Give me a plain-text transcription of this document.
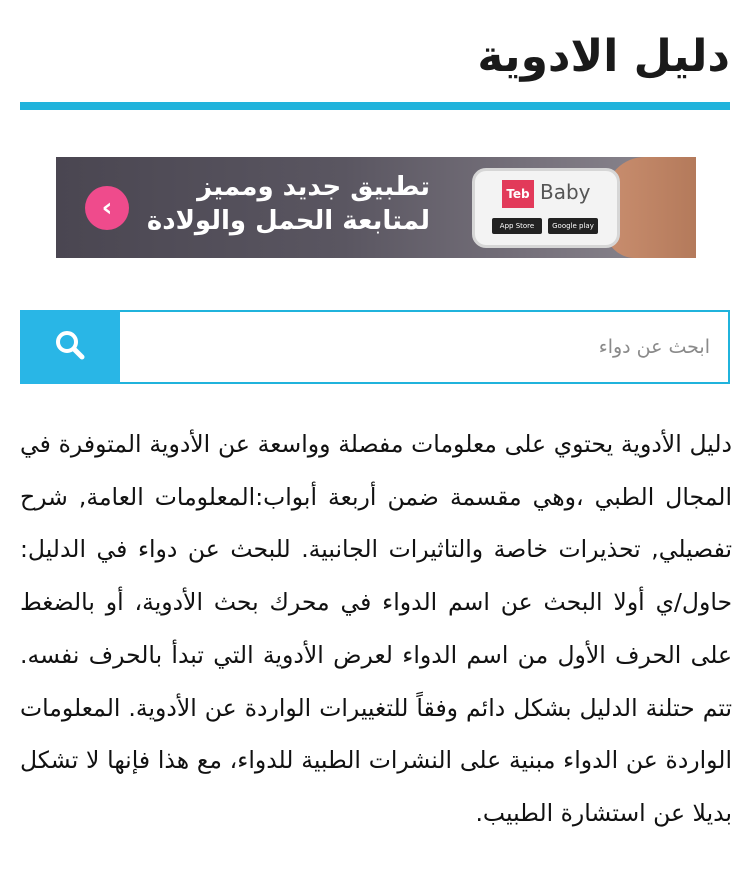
دليل الادوية
Teb Baby
App Store	Google play
تطبيق جديد ومميز
لمتابعة الحمل والولادة
‹
ابحث عن دواء

دليل الأدوية يحتوي على معلومات مفصلة وواسعة عن الأدوية المتوفرة في المجال الطبي ،وهي مقسمة ضمن أربعة أبواب:المعلومات العامة, شرح تفصيلي, تحذيرات خاصة والتاثيرات الجانبية. للبحث عن دواء في الدليل: حاول/ي أولا البحث عن اسم الدواء في محرك بحث الأدوية، أو بالضغط على الحرف الأول من اسم الدواء لعرض الأدوية التي تبدأ بالحرف نفسه. تتم حتلنة الدليل بشكل دائم وفقاً للتغييرات الواردة عن الأدوية. المعلومات الواردة عن الدواء مبنية على النشرات الطبية للدواء، مع هذا فإنها لا تشكل بديلا عن استشارة الطبيب.
